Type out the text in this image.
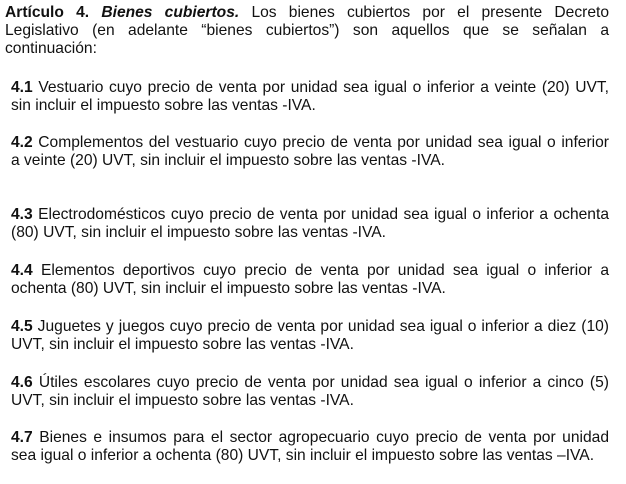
Artículo 4. Bienes cubiertos. Los bienes cubiertos por el presente Decreto
Legislativo (en adelante “bienes cubiertos”) son aquellos que se señalan a
continuación:

4.1 Vestuario cuyo precio de venta por unidad sea igual o inferior a veinte (20) UVT,
sin incluir el impuesto sobre las ventas -IVA.

4.2 Complementos del vestuario cuyo precio de venta por unidad sea igual o inferior
a veinte (20) UVT, sin incluir el impuesto sobre las ventas -IVA.

4.3 Electrodomésticos cuyo precio de venta por unidad sea igual o inferior a ochenta
(80) UVT, sin incluir el impuesto sobre las ventas -IVA.

4.4 Elementos deportivos cuyo precio de venta por unidad sea igual o inferior a
ochenta (80) UVT, sin incluir el impuesto sobre las ventas -IVA.

4.5 Juguetes y juegos cuyo precio de venta por unidad sea igual o inferior a diez (10)
UVT, sin incluir el impuesto sobre las ventas -IVA.

4.6 Útiles escolares cuyo precio de venta por unidad sea igual o inferior a cinco (5)
UVT, sin incluir el impuesto sobre las ventas -IVA.

4.7 Bienes e insumos para el sector agropecuario cuyo precio de venta por unidad
sea igual o inferior a ochenta (80) UVT, sin incluir el impuesto sobre las ventas –IVA.
